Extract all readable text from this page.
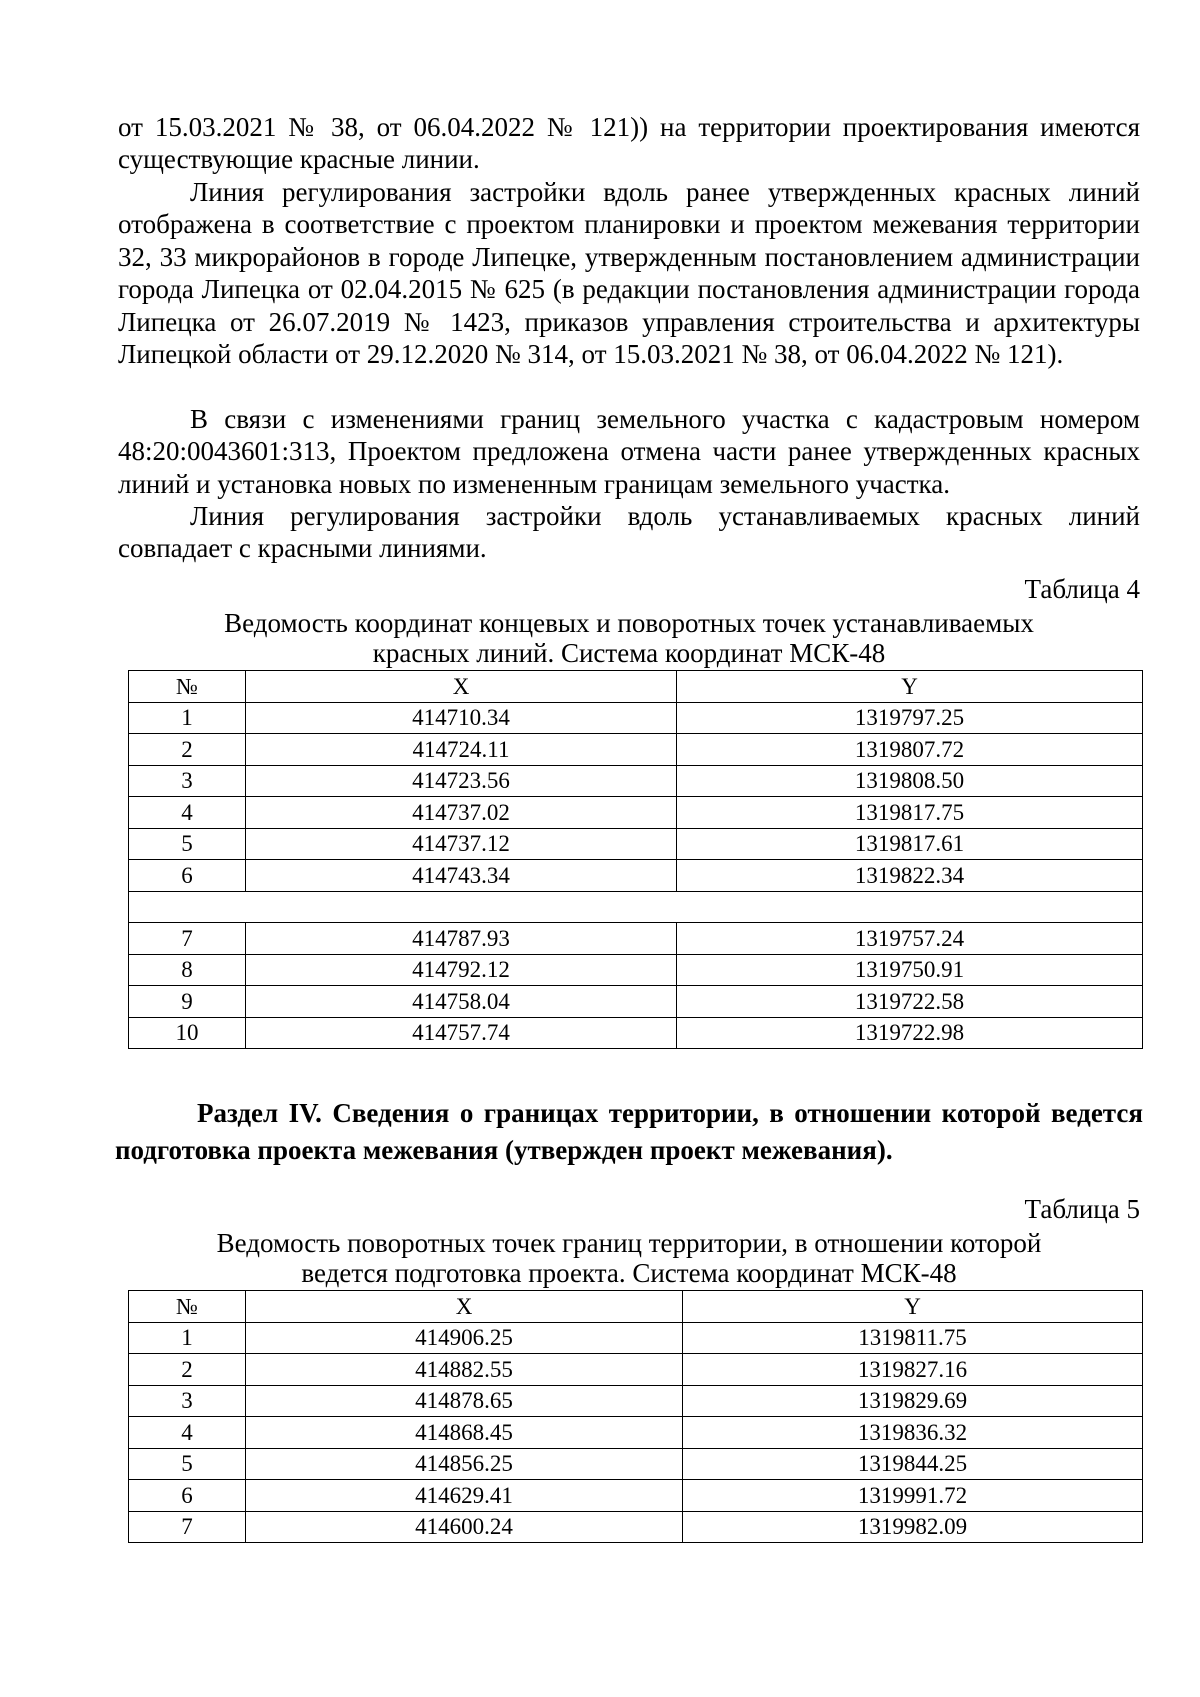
от 15.03.2021 № 38, от 06.04.2022 № 121)) на территории проектирования имеются существующие красные линии.

Линия регулирования застройки вдоль ранее утвержденных красных линий отображена в соответствие с проектом планировки и проектом межевания территории 32, 33 микрорайонов в городе Липецке, утвержденным постановлением администрации города Липецка от 02.04.2015 № 625 (в редакции постановления администрации города Липецка от 26.07.2019 № 1423, приказов управления строительства и архитектуры Липецкой области от 29.12.2020 № 314, от 15.03.2021 № 38, от 06.04.2022 № 121).

В связи с изменениями границ земельного участка с кадастровым номером 48:20:0043601:313, Проектом предложена отмена части ранее утвержденных красных линий и установка новых по измененным границам земельного участка.

Линия регулирования застройки вдоль устанавливаемых красных линий совпадает с красными линиями.

Таблица 4

Ведомость координат концевых и поворотных точек устанавливаемых

красных линий. Система координат МСК-48

№	X	Y
1	414710.34	1319797.25
2	414724.11	1319807.72
3	414723.56	1319808.50
4	414737.02	1319817.75
5	414737.12	1319817.61
6	414743.34	1319822.34

7	414787.93	1319757.24
8	414792.12	1319750.91
9	414758.04	1319722.58
10	414757.74	1319722.98

Раздел IV. Сведения о границах территории, в отношении которой ведется подготовка проекта межевания (утвержден проект межевания).

Таблица 5

Ведомость поворотных точек границ территории, в отношении которой

ведется подготовка проекта. Система координат МСК-48

№	X	Y
1	414906.25	1319811.75
2	414882.55	1319827.16
3	414878.65	1319829.69
4	414868.45	1319836.32
5	414856.25	1319844.25
6	414629.41	1319991.72
7	414600.24	1319982.09
